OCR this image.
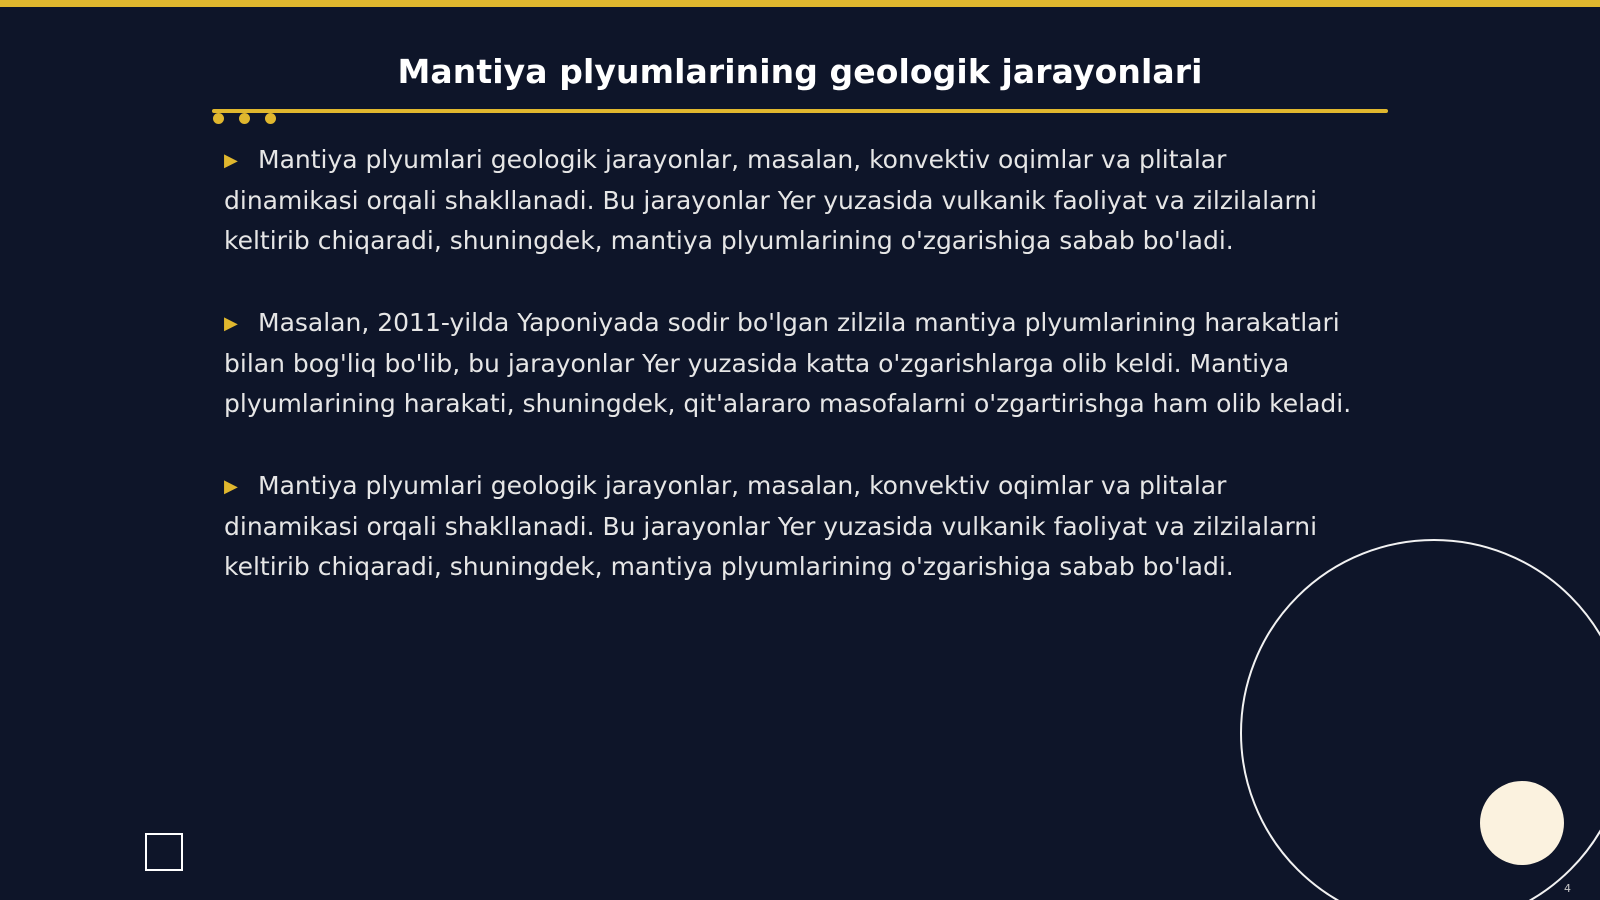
Mantiya plyumlarining geologik jarayonlari

▶ Mantiya plyumlari geologik jarayonlar, masalan, konvektiv oqimlar va plitalar dinamikasi orqali shakllanadi. Bu jarayonlar Yer yuzasida vulkanik faoliyat va zilzilalarni keltirib chiqaradi, shuningdek, mantiya plyumlarining o'zgarishiga sabab bo'ladi.

▶ Masalan, 2011-yilda Yaponiyada sodir bo'lgan zilzila mantiya plyumlarining harakatlari bilan bog'liq bo'lib, bu jarayonlar Yer yuzasida katta o'zgarishlarga olib keldi. Mantiya plyumlarining harakati, shuningdek, qit'alararo masofalarni o'zgartirishga ham olib keladi.

▶ Mantiya plyumlari geologik jarayonlar, masalan, konvektiv oqimlar va plitalar dinamikasi orqali shakllanadi. Bu jarayonlar Yer yuzasida vulkanik faoliyat va zilzilalarni keltirib chiqaradi, shuningdek, mantiya plyumlarining o'zgarishiga sabab bo'ladi.

4
